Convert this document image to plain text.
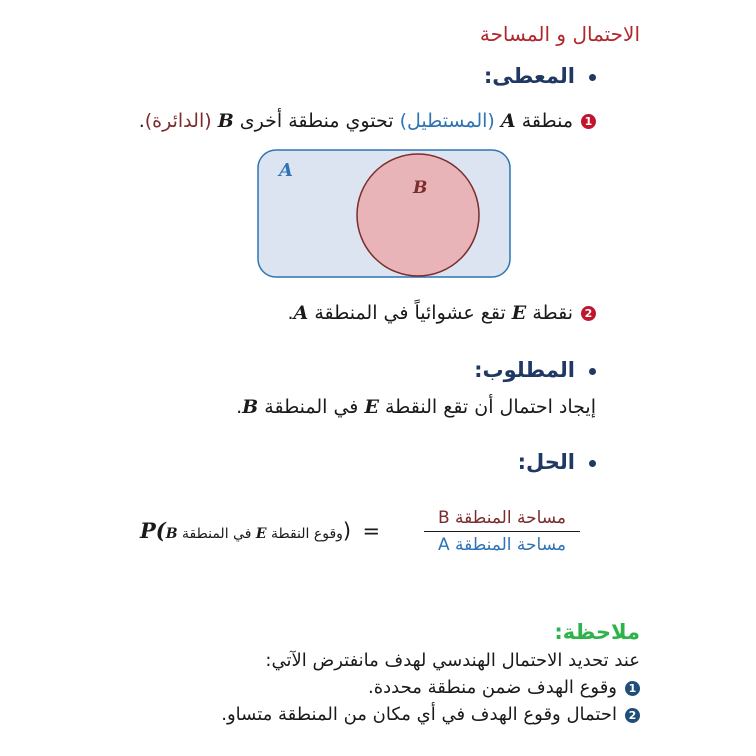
الاحتمال و المساحة
المعطى:
1منطقة A (المستطيل) تحتوي منطقة أخرى B (الدائرة).
A
B
2نقطة E تقع عشوائياً في المنطقة A.
المطلوب:
إيجاد احتمال أن تقع النقطة E في المنطقة B.
الحل:
P(	وقوع النقطة E في المنطقة B	) =
مساحة المنطقة B
مساحة المنطقة A
ملاحظة:
عند تحديد الاحتمال الهندسي لهدف مانفترض الآتي:
1وقوع الهدف ضمن منطقة محددة.
2احتمال وقوع الهدف في أي مكان من المنطقة متساو.
